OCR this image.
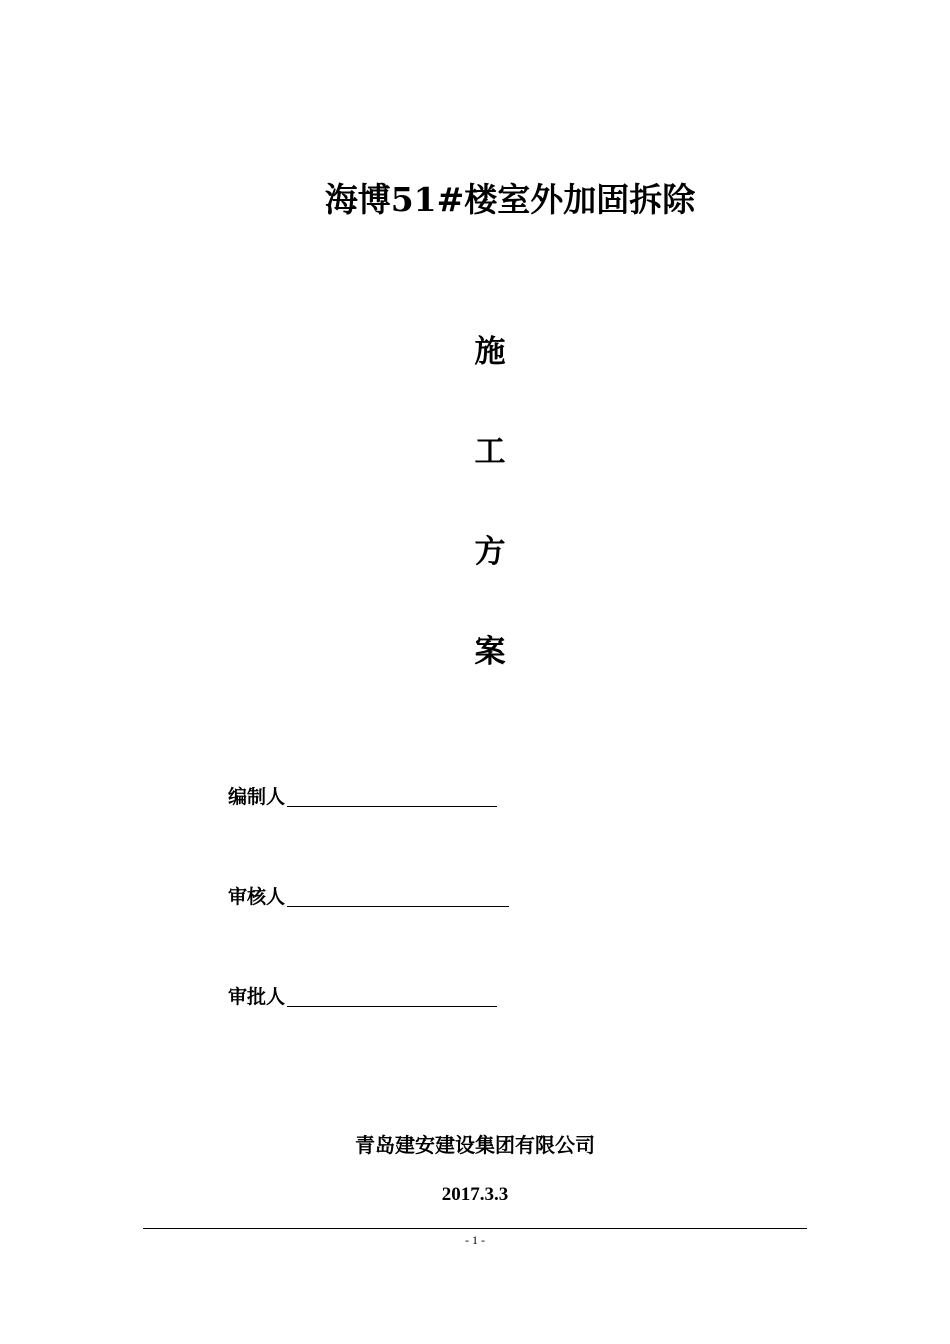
海博51#楼室外加固拆除
施
工
方
案
编制人
审核人
审批人
青岛建安建设集团有限公司
2017.3.3
- 1 -
